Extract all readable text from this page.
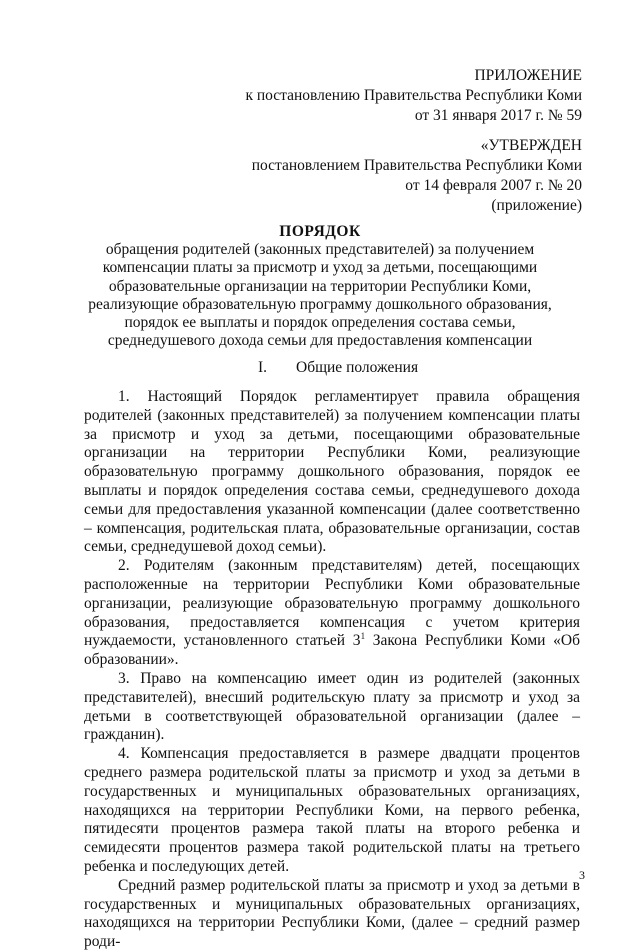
ПРИЛОЖЕНИЕ
к постановлению Правительства Республики Коми
от 31 января 2017 г. № 59
«УТВЕРЖДЕН
постановлением Правительства Республики Коми
от 14 февраля 2007 г. № 20
(приложение)
ПОРЯДОК
обращения родителей (законных представителей) за получением
компенсации платы за присмотр и уход за детьми, посещающими
образовательные организации на территории Республики Коми,
реализующие образовательную программу дошкольного образования,
порядок ее выплаты и порядок определения состава семьи,
среднедушевого дохода семьи для предоставления компенсации
I. Общие положения

1. Настоящий Порядок регламентирует правила обращения родителей (законных представителей) за получением компенсации платы за присмотр и уход за детьми, посещающими образовательные организации на территории Республики Коми, реализующие образовательную программу дошкольного образования, порядок ее выплаты и порядок определения состава семьи, среднедушевого дохода семьи для предоставления указанной компенсации (далее соответственно – компенсация, родительская плата, образовательные организации, состав семьи, среднедушевой доход семьи).

2. Родителям (законным представителям) детей, посещающих расположенные на территории Республики Коми образовательные организации, реализующие образовательную программу дошкольного образования, предоставляется компенсация с учетом критерия нуждаемости, установленного статьей $3^1$ Закона Республики Коми «Об образовании».

3. Право на компенсацию имеет один из родителей (законных представителей), внесший родительскую плату за присмотр и уход за детьми в соответствующей образовательной организации (далее – гражданин).

4. Компенсация предоставляется в размере двадцати процентов среднего размера родительской платы за присмотр и уход за детьми в государственных и муниципальных образовательных организациях, находящихся на территории Республики Коми, на первого ребенка, пятидесяти процентов размера такой платы на второго ребенка и семидесяти процентов размера такой родительской платы на третьего ребенка и последующих детей.

Средний размер родительской платы за присмотр и уход за детьми в государственных и муниципальных образовательных организациях, находящихся на территории Республики Коми, (далее – средний размер роди-

3
